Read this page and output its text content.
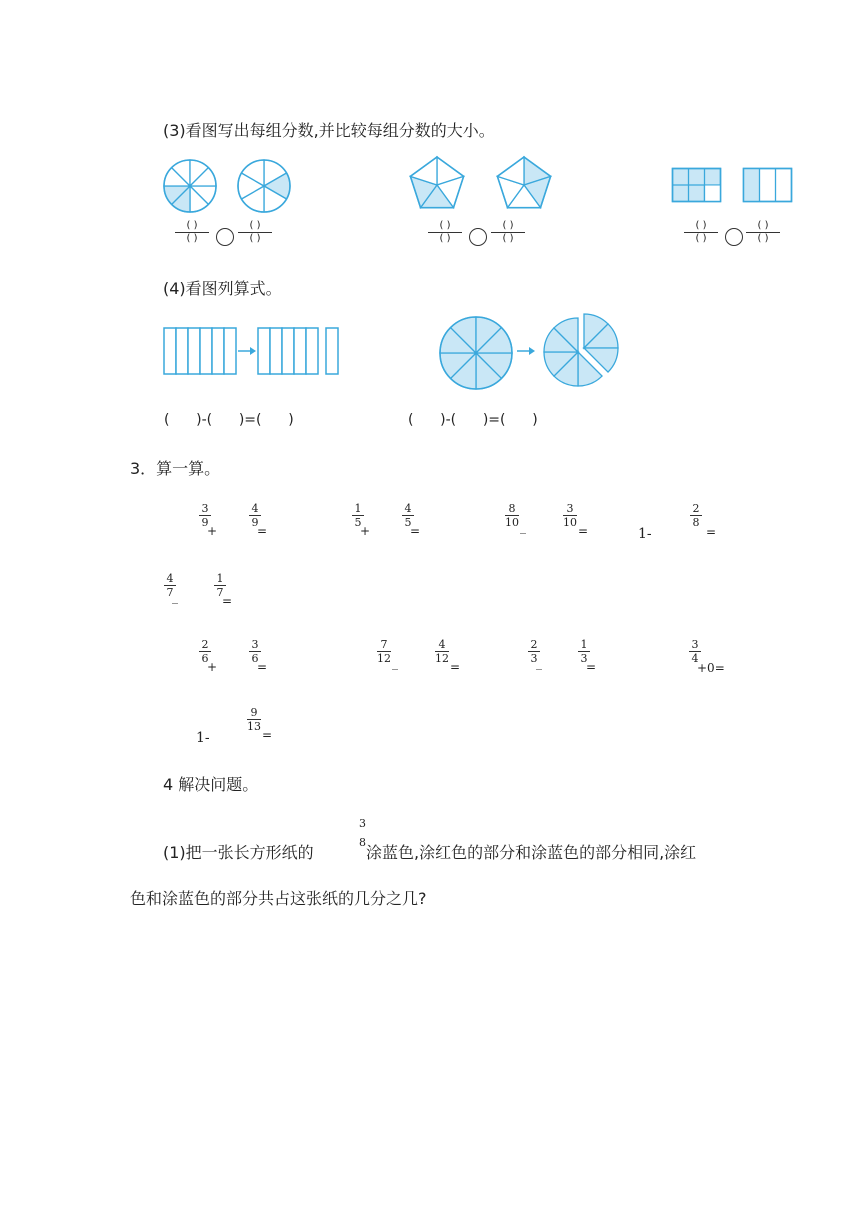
(3)看图写出每组分数,并比较每组分数的大小。
( )
( )
( )
( )
( )
( )
( )
( )
( )
( )
( )
( )
(4)看图列算式。
(      )-(      )=(      )	(      )-(      )=(      )
3．算一算。
3
9
+
4
9
=
1
5
+
4
5
=
8
10 _
3
10
=	1-
2
8
=
4
7
_
1
7
=
2
6
+
3
6
=
7
12 _
4
12
=
2
3
_
1
3
=
3
4
+0=
1-
9
13
=
4 解决问题。
(1)把一张长方形纸的
3
8
涂蓝色,涂红色的部分和涂蓝色的部分相同,涂红
色和涂蓝色的部分共占这张纸的几分之几?
